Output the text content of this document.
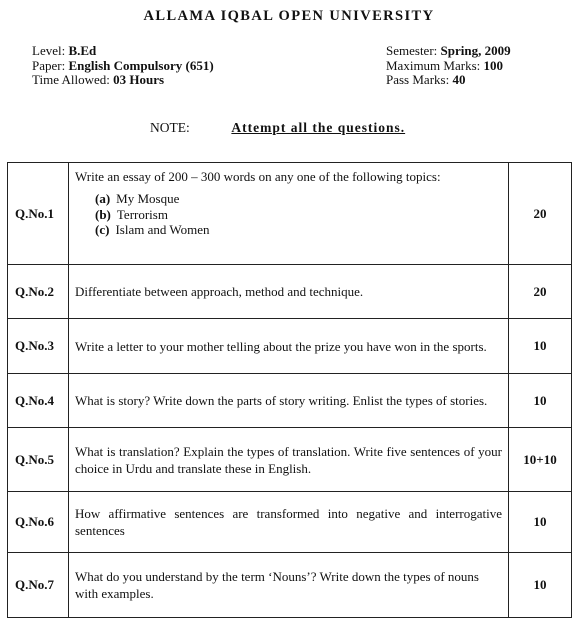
ALLAMA IQBAL OPEN UNIVERSITY
Level: B.Ed
Paper: English Compulsory (651)
Time Allowed: 03 Hours
Semester: Spring, 2009
Maximum Marks: 100
Pass Marks: 40
NOTE:	Attempt all the questions.
Q.No.1	Write an essay of 200 – 300 words on any one of the following topics:
(a) My Mosque
(b) Terrorism
(c) Islam and Women	20
Q.No.2	Differentiate between approach, method and technique.	20
Q.No.3	Write a letter to your mother telling about the prize you have won in the sports.	10
Q.No.4	What is story? Write down the parts of story writing. Enlist the types of stories.	10
Q.No.5	What is translation? Explain the types of translation. Write five sentences of your choice in Urdu and translate these in English.	10+10
Q.No.6	How affirmative sentences are transformed into negative and interrogative sentences	10
Q.No.7	What do you understand by the term ‘Nouns’? Write down the types of nouns with examples.	10
